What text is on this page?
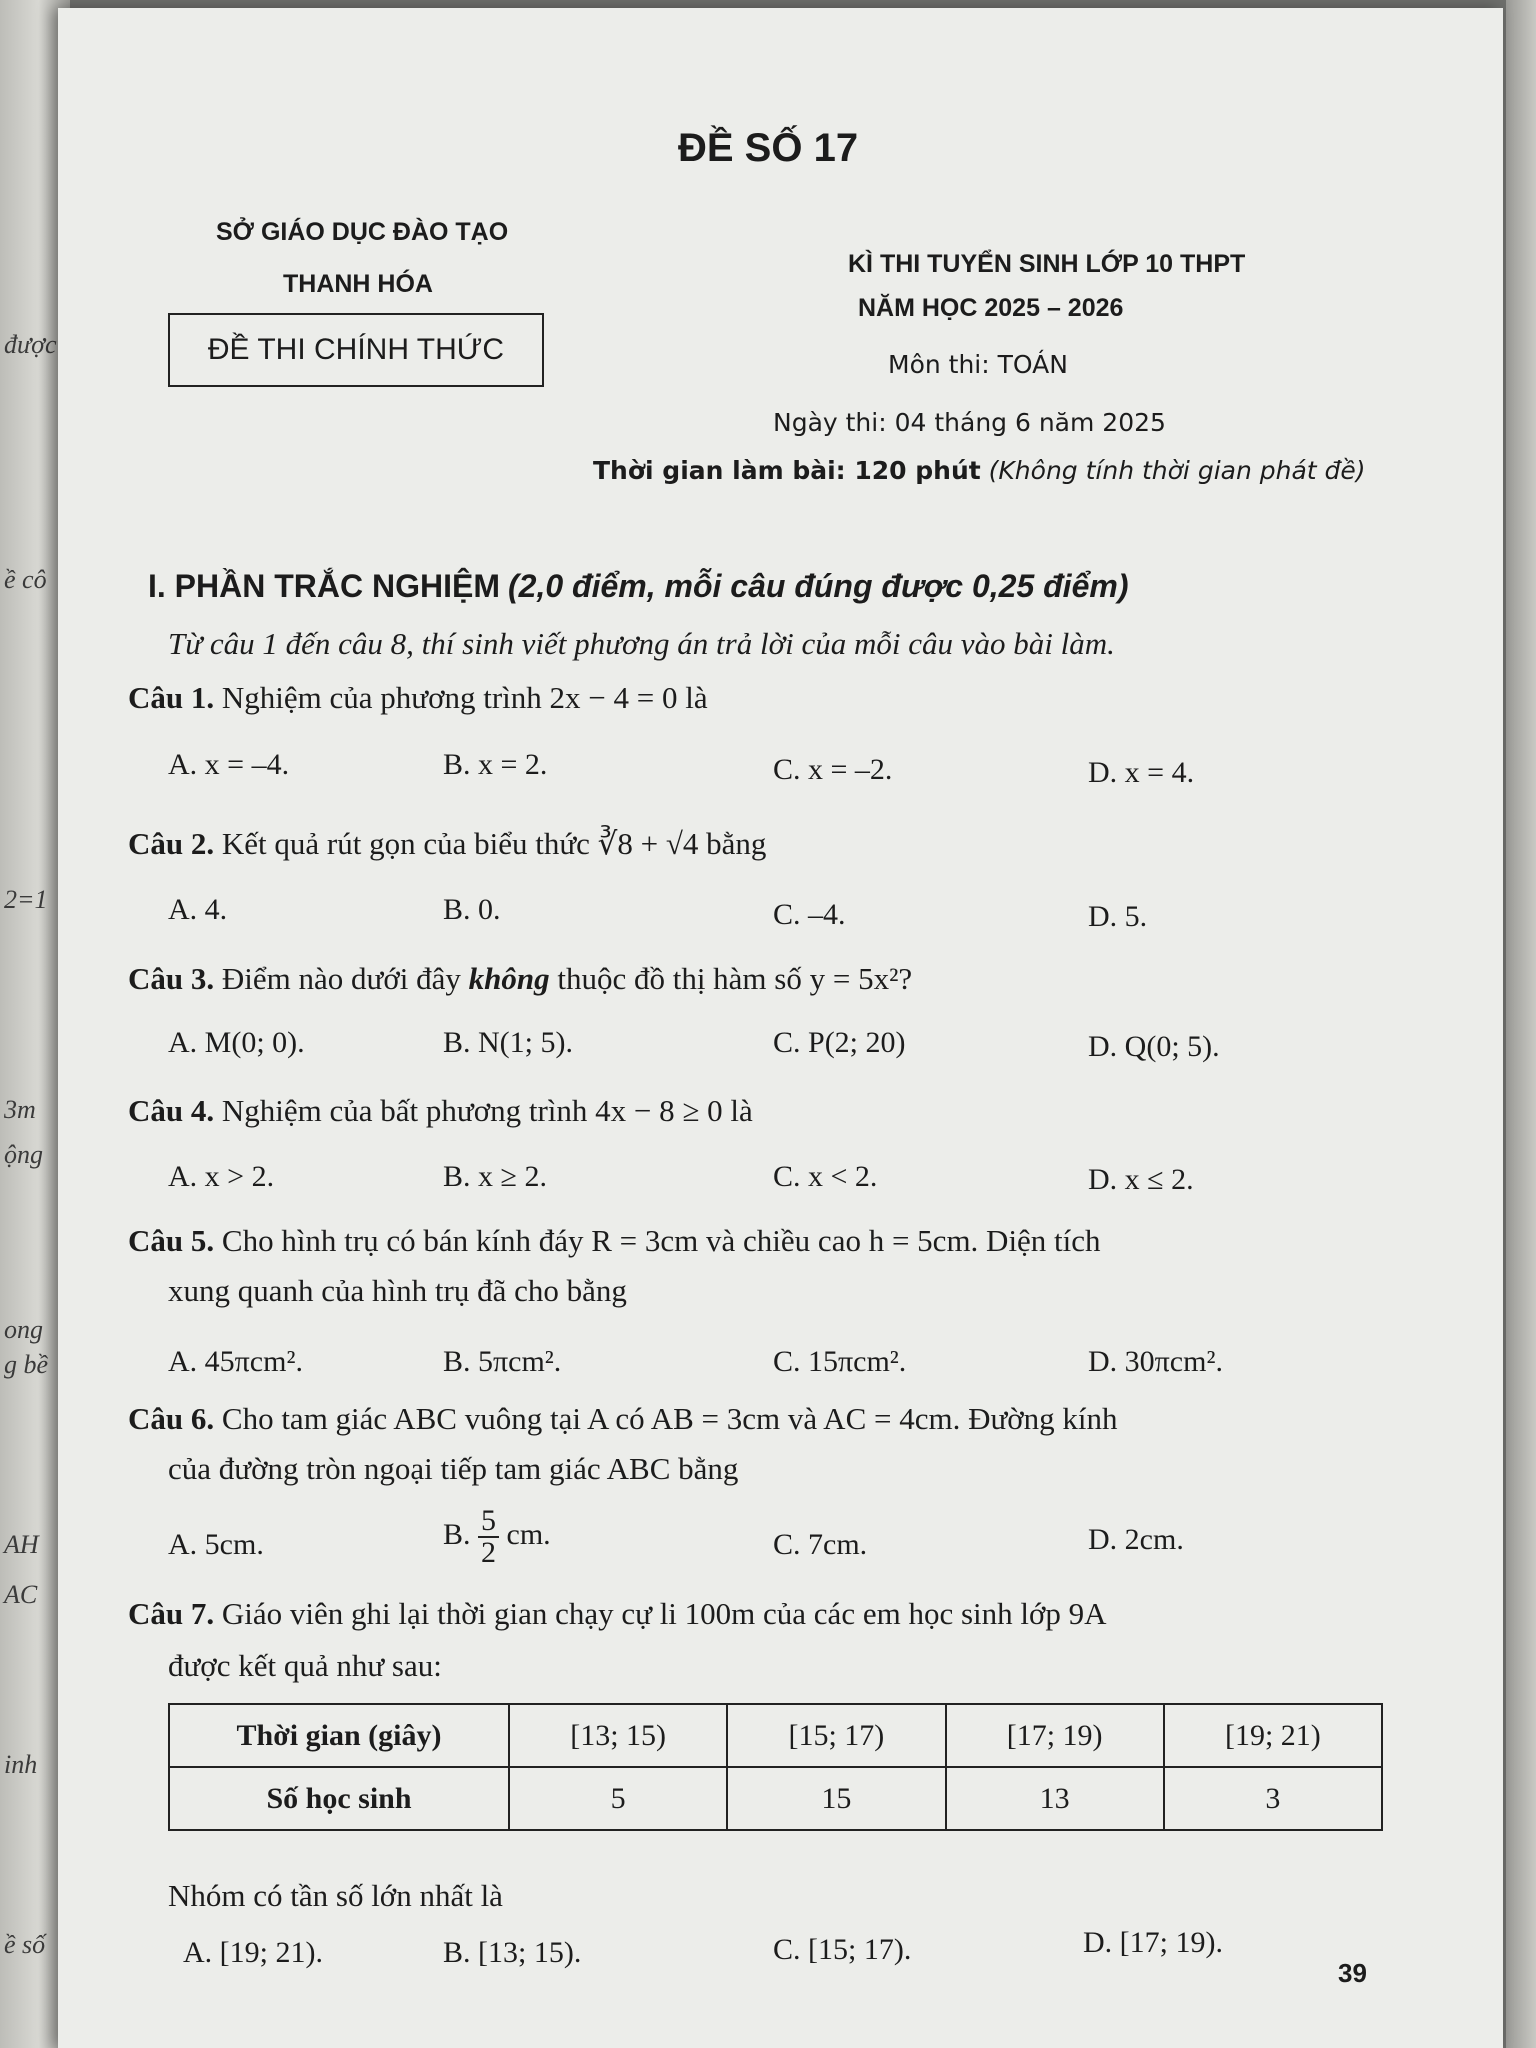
được
ề cô
2=1
3m
ộng
ong
g bề
AH
AC
inh
ề số
ĐỀ SỐ 17
SỞ GIÁO DỤC ĐÀO TẠO
THANH HÓA
ĐỀ THI CHÍNH THỨC
KÌ THI TUYỂN SINH LỚP 10 THPT
NĂM HỌC 2025 – 2026
Môn thi: TOÁN
Ngày thi: 04 tháng 6 năm 2025
Thời gian làm bài: 120 phút (Không tính thời gian phát đề)
I. PHẦN TRẮC NGHIỆM (2,0 điểm, mỗi câu đúng được 0,25 điểm)
Từ câu 1 đến câu 8, thí sinh viết phương án trả lời của mỗi câu vào bài làm.
Câu 1. Nghiệm của phương trình 2x − 4 = 0 là
A. x = –4.	B. x = 2.	C. x = –2.	D. x = 4.
Câu 2. Kết quả rút gọn của biểu thức ∛8 + √4 bằng
A. 4.	B. 0.	C. –4.	D. 5.
Câu 3. Điểm nào dưới đây không thuộc đồ thị hàm số y = 5x²?
A. M(0; 0).	B. N(1; 5).	C. P(2; 20)	D. Q(0; 5).
Câu 4. Nghiệm của bất phương trình 4x − 8 ≥ 0 là
A. x > 2.	B. x ≥ 2.	C. x < 2.	D. x ≤ 2.
Câu 5. Cho hình trụ có bán kính đáy R = 3cm và chiều cao h = 5cm. Diện tích
xung quanh của hình trụ đã cho bằng
A. 45πcm².	B. 5πcm².	C. 15πcm².	D. 30πcm².
Câu 6. Cho tam giác ABC vuông tại A có AB = 3cm và AC = 4cm. Đường kính
của đường tròn ngoại tiếp tam giác ABC bằng
A. 5cm.	B. $\frac{5}{2}$ cm.	C. 7cm.	D. 2cm.
Câu 7. Giáo viên ghi lại thời gian chạy cự li 100m của các em học sinh lớp 9A
được kết quả như sau:
Thời gian (giây)	[13; 15)	[15; 17)	[17; 19)	[19; 21)
Số học sinh	5	15	13	3
Nhóm có tần số lớn nhất là
A. [19; 21).	B. [13; 15).	C. [15; 17).	D. [17; 19).
39
